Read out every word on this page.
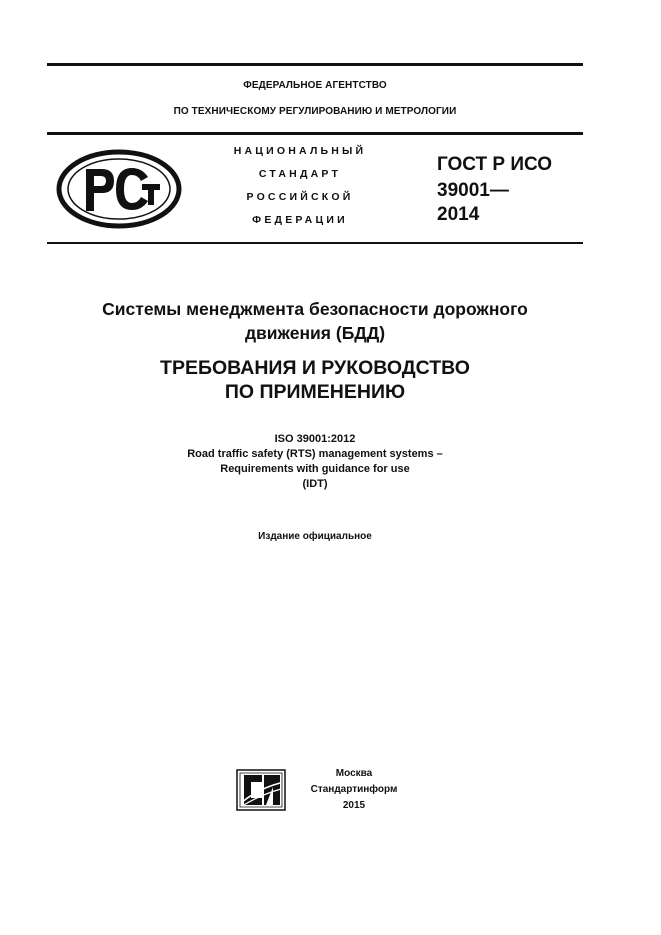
ФЕДЕРАЛЬНОЕ АГЕНТСТВО
ПО ТЕХНИЧЕСКОМУ РЕГУЛИРОВАНИЮ И МЕТРОЛОГИИ
НАЦИОНАЛЬНЫЙ
СТАНДАРТ
РОССИЙСКОЙ
ФЕДЕРАЦИИ
ГОСТ Р ИСО
39001—
2014
Системы менеджмента безопасности дорожного
движения (БДД)
ТРЕБОВАНИЯ И РУКОВОДСТВО
ПО ПРИМЕНЕНИЮ
ISO 39001:2012
Road traffic safety (RTS) management systems –
Requirements with guidance for use
(IDT)
Издание официальное
Москва
Стандартинформ
2015
